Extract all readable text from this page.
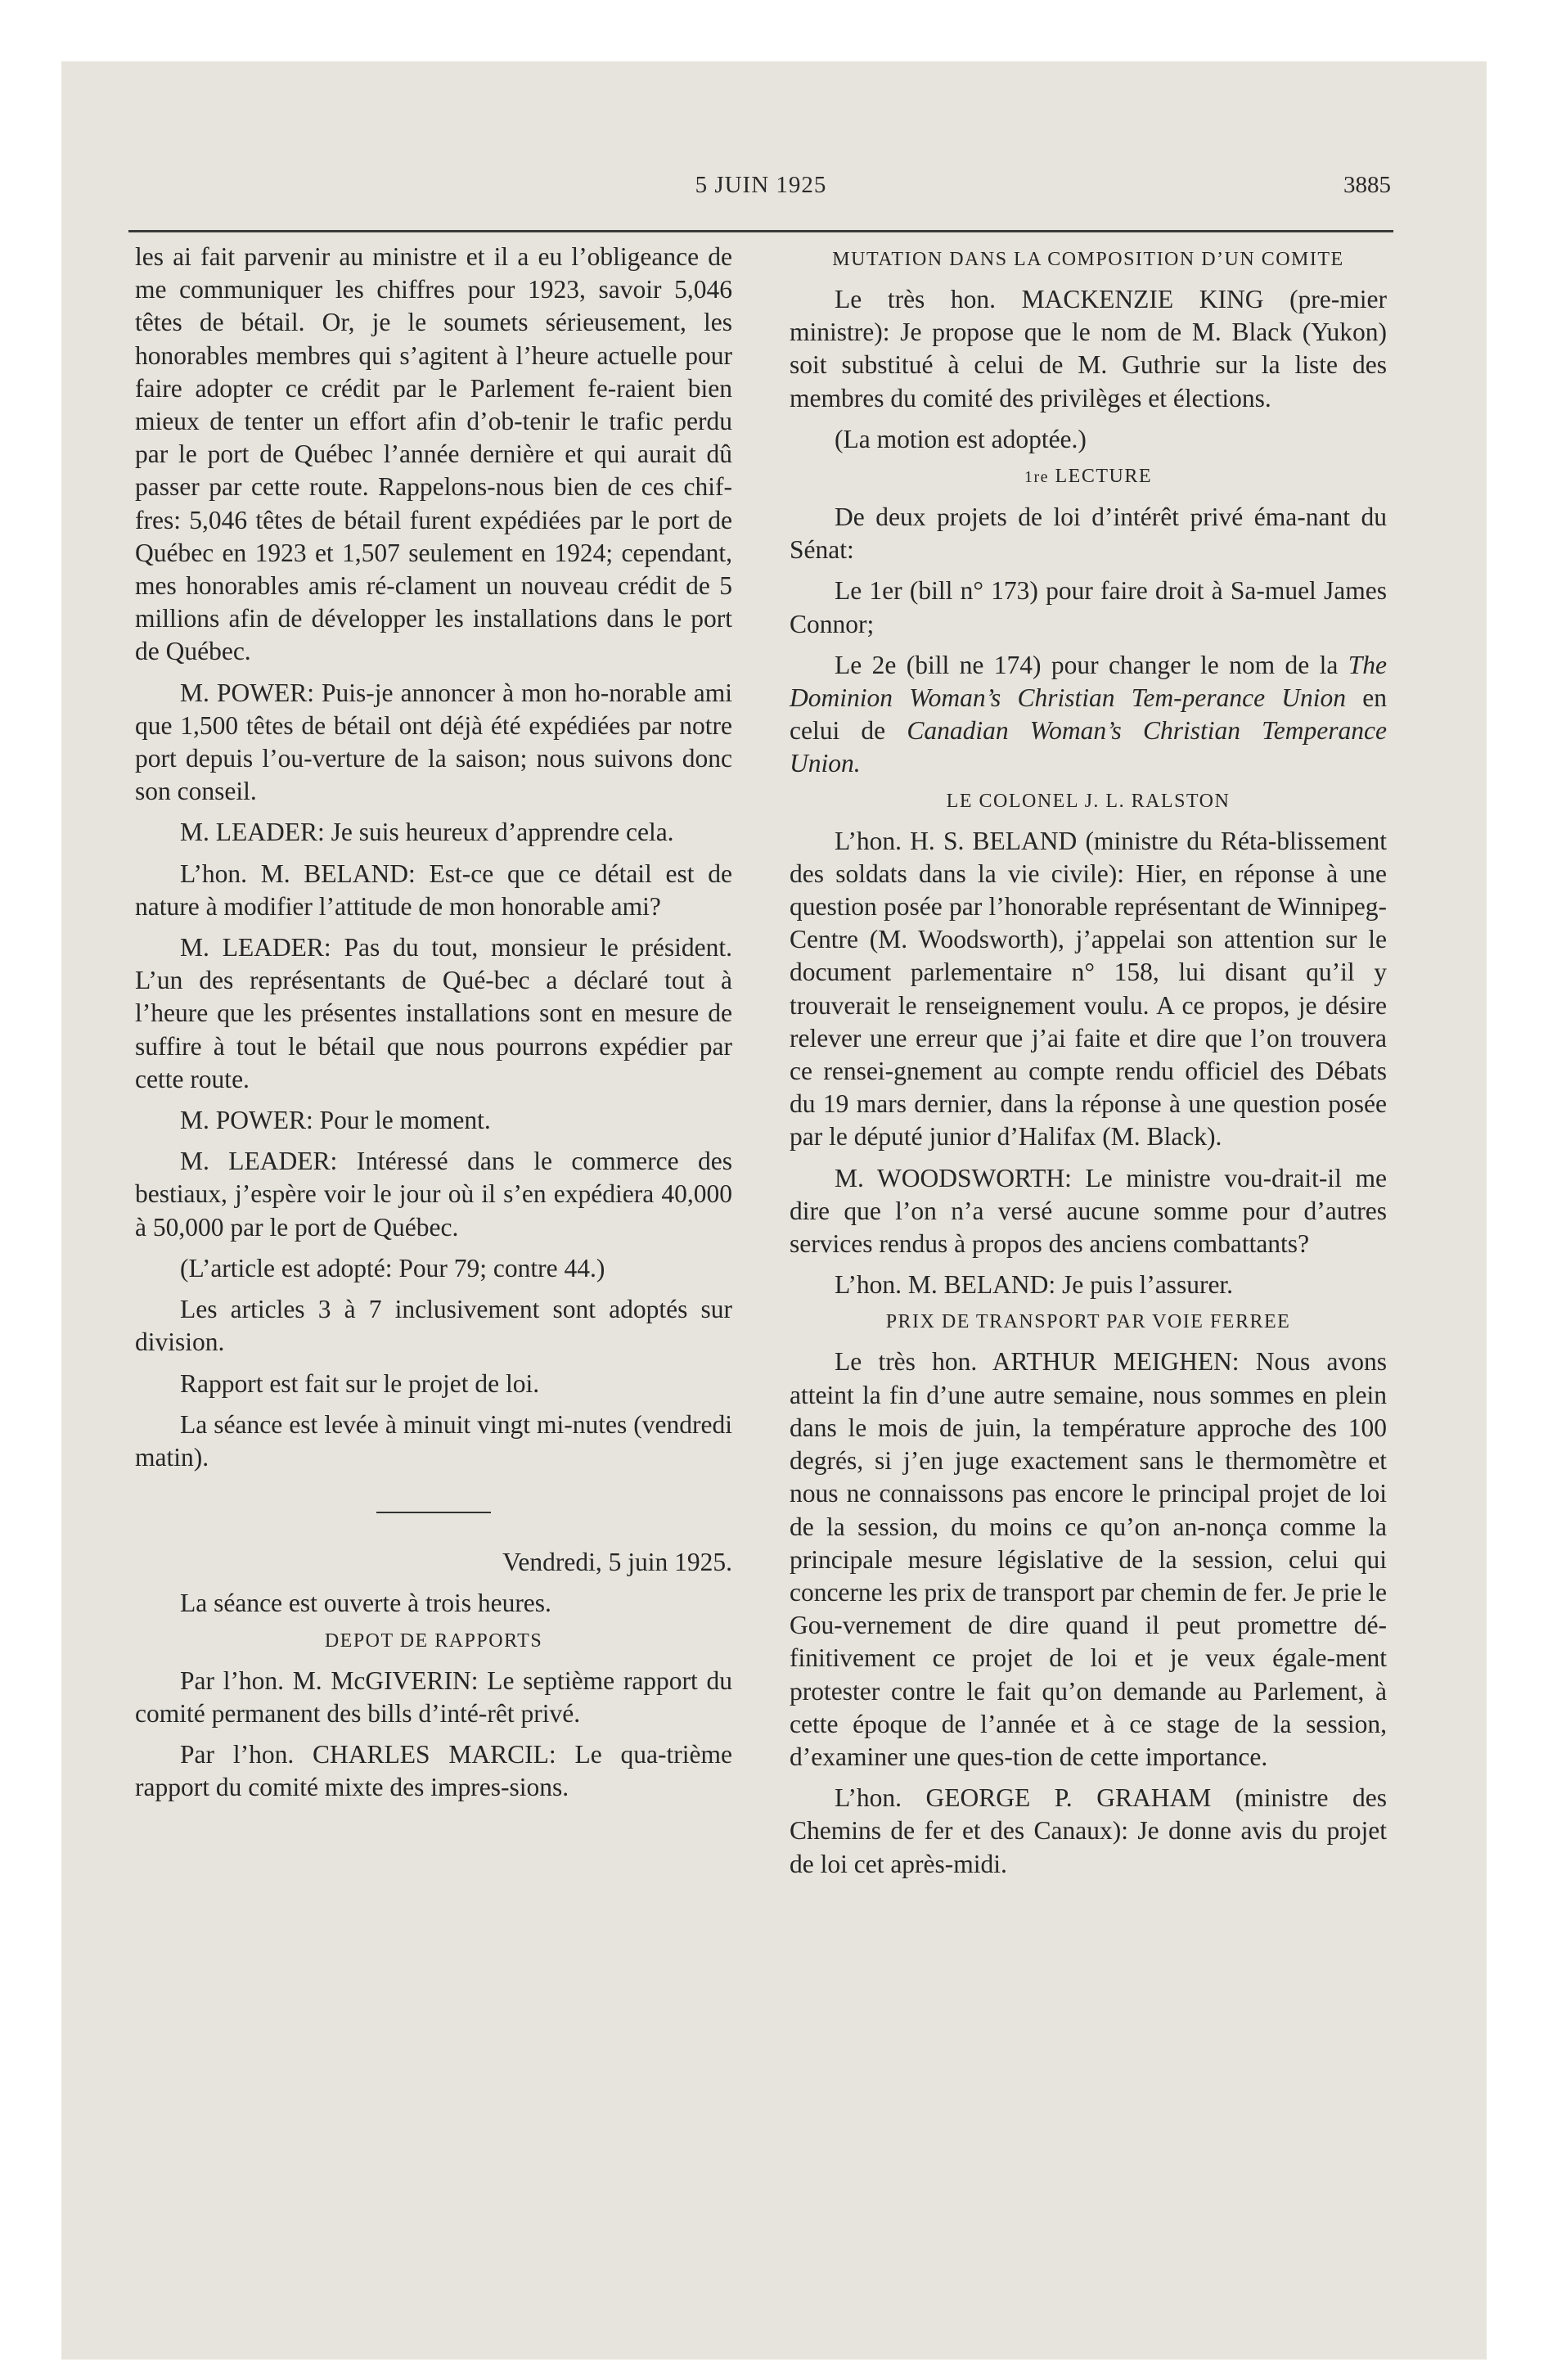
5 JUIN 1925	3885

les ai fait parvenir au ministre et il a eu l’obligeance de me communiquer les chiffres pour 1923, savoir 5,046 têtes de bétail. Or, je le soumets sérieusement, les honorables membres qui s’agitent à l’heure actuelle pour faire adopter ce crédit par le Parlement fe-raient bien mieux de tenter un effort afin d’ob-tenir le trafic perdu par le port de Québec l’année dernière et qui aurait dû passer par cette route. Rappelons-nous bien de ces chif-fres: 5,046 têtes de bétail furent expédiées par le port de Québec en 1923 et 1,507 seulement en 1924; cependant, mes honorables amis ré-clament un nouveau crédit de 5 millions afin de développer les installations dans le port de Québec.

M. POWER: Puis-je annoncer à mon ho-norable ami que 1,500 têtes de bétail ont déjà été expédiées par notre port depuis l’ou-verture de la saison; nous suivons donc son conseil.

M. LEADER: Je suis heureux d’apprendre cela.

L’hon. M. BELAND: Est-ce que ce détail est de nature à modifier l’attitude de mon honorable ami?

M. LEADER: Pas du tout, monsieur le président. L’un des représentants de Qué-bec a déclaré tout à l’heure que les présentes installations sont en mesure de suffire à tout le bétail que nous pourrons expédier par cette route.

M. POWER: Pour le moment.

M. LEADER: Intéressé dans le commerce des bestiaux, j’espère voir le jour où il s’en expédiera 40,000 à 50,000 par le port de Québec.

(L’article est adopté: Pour 79; contre 44.)

Les articles 3 à 7 inclusivement sont adoptés sur division.

Rapport est fait sur le projet de loi.

La séance est levée à minuit vingt mi-nutes (vendredi matin).

Vendredi, 5 juin 1925.

La séance est ouverte à trois heures.

DEPOT DE RAPPORTS

Par l’hon. M. McGIVERIN: Le septième rapport du comité permanent des bills d’inté-rêt privé.

Par l’hon. CHARLES MARCIL: Le qua-trième rapport du comité mixte des impres-sions.

MUTATION DANS LA COMPOSITION D’UN COMITE

Le très hon. MACKENZIE KING (pre-mier ministre): Je propose que le nom de M. Black (Yukon) soit substitué à celui de M. Guthrie sur la liste des membres du comité des privilèges et élections.

(La motion est adoptée.)

1re LECTURE

De deux projets de loi d’intérêt privé éma-nant du Sénat:

Le 1er (bill n° 173) pour faire droit à Sa-muel James Connor;

Le 2e (bill ne 174) pour changer le nom de la The Dominion Woman’s Christian Tem-perance Union en celui de Canadian Woman’s Christian Temperance Union.

LE COLONEL J. L. RALSTON

L’hon. H. S. BELAND (ministre du Réta-blissement des soldats dans la vie civile): Hier, en réponse à une question posée par l’honorable représentant de Winnipeg-Centre (M. Woodsworth), j’appelai son attention sur le document parlementaire n° 158, lui disant qu’il y trouverait le renseignement voulu. A ce propos, je désire relever une erreur que j’ai faite et dire que l’on trouvera ce rensei-gnement au compte rendu officiel des Débats du 19 mars dernier, dans la réponse à une question posée par le député junior d’Halifax (M. Black).

M. WOODSWORTH: Le ministre vou-drait-il me dire que l’on n’a versé aucune somme pour d’autres services rendus à propos des anciens combattants?

L’hon. M. BELAND: Je puis l’assurer.

PRIX DE TRANSPORT PAR VOIE FERREE

Le très hon. ARTHUR MEIGHEN: Nous avons atteint la fin d’une autre semaine, nous sommes en plein dans le mois de juin, la température approche des 100 degrés, si j’en juge exactement sans le thermomètre et nous ne connaissons pas encore le principal projet de loi de la session, du moins ce qu’on an-nonça comme la principale mesure législative de la session, celui qui concerne les prix de transport par chemin de fer. Je prie le Gou-vernement de dire quand il peut promettre dé-finitivement ce projet de loi et je veux égale-ment protester contre le fait qu’on demande au Parlement, à cette époque de l’année et à ce stage de la session, d’examiner une ques-tion de cette importance.

L’hon. GEORGE P. GRAHAM (ministre des Chemins de fer et des Canaux): Je donne avis du projet de loi cet après-midi.
